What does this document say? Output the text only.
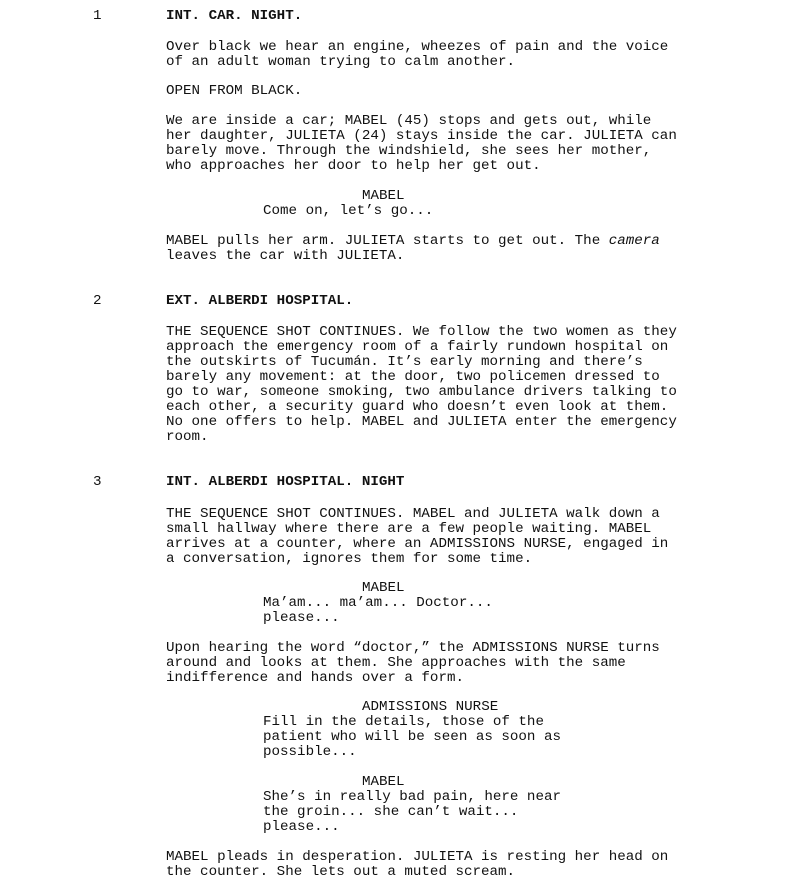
1	INT. CAR. NIGHT.
Over black we hear an engine, wheezes of pain and the voice
of an adult woman trying to calm another.
OPEN FROM BLACK.
We are inside a car; MABEL (45) stops and gets out, while
her daughter, JULIETA (24) stays inside the car. JULIETA can
barely move. Through the windshield, she sees her mother,
who approaches her door to help her get out.
MABEL
Come on, let’s go...
MABEL pulls her arm. JULIETA starts to get out. The camera
leaves the car with JULIETA.
2	EXT. ALBERDI HOSPITAL.
THE SEQUENCE SHOT CONTINUES. We follow the two women as they
approach the emergency room of a fairly rundown hospital on
the outskirts of Tucumán. It’s early morning and there’s
barely any movement: at the door, two policemen dressed to
go to war, someone smoking, two ambulance drivers talking to
each other, a security guard who doesn’t even look at them.
No one offers to help. MABEL and JULIETA enter the emergency
room.
3	INT. ALBERDI HOSPITAL. NIGHT
THE SEQUENCE SHOT CONTINUES. MABEL and JULIETA walk down a
small hallway where there are a few people waiting. MABEL
arrives at a counter, where an ADMISSIONS NURSE, engaged in
a conversation, ignores them for some time.
MABEL
Ma’am... ma’am... Doctor...
please...
Upon hearing the word “doctor,” the ADMISSIONS NURSE turns
around and looks at them. She approaches with the same
indifference and hands over a form.
ADMISSIONS NURSE
Fill in the details, those of the
patient who will be seen as soon as
possible...
MABEL
She’s in really bad pain, here near
the groin... she can’t wait...
please...
MABEL pleads in desperation. JULIETA is resting her head on
the counter. She lets out a muted scream.
